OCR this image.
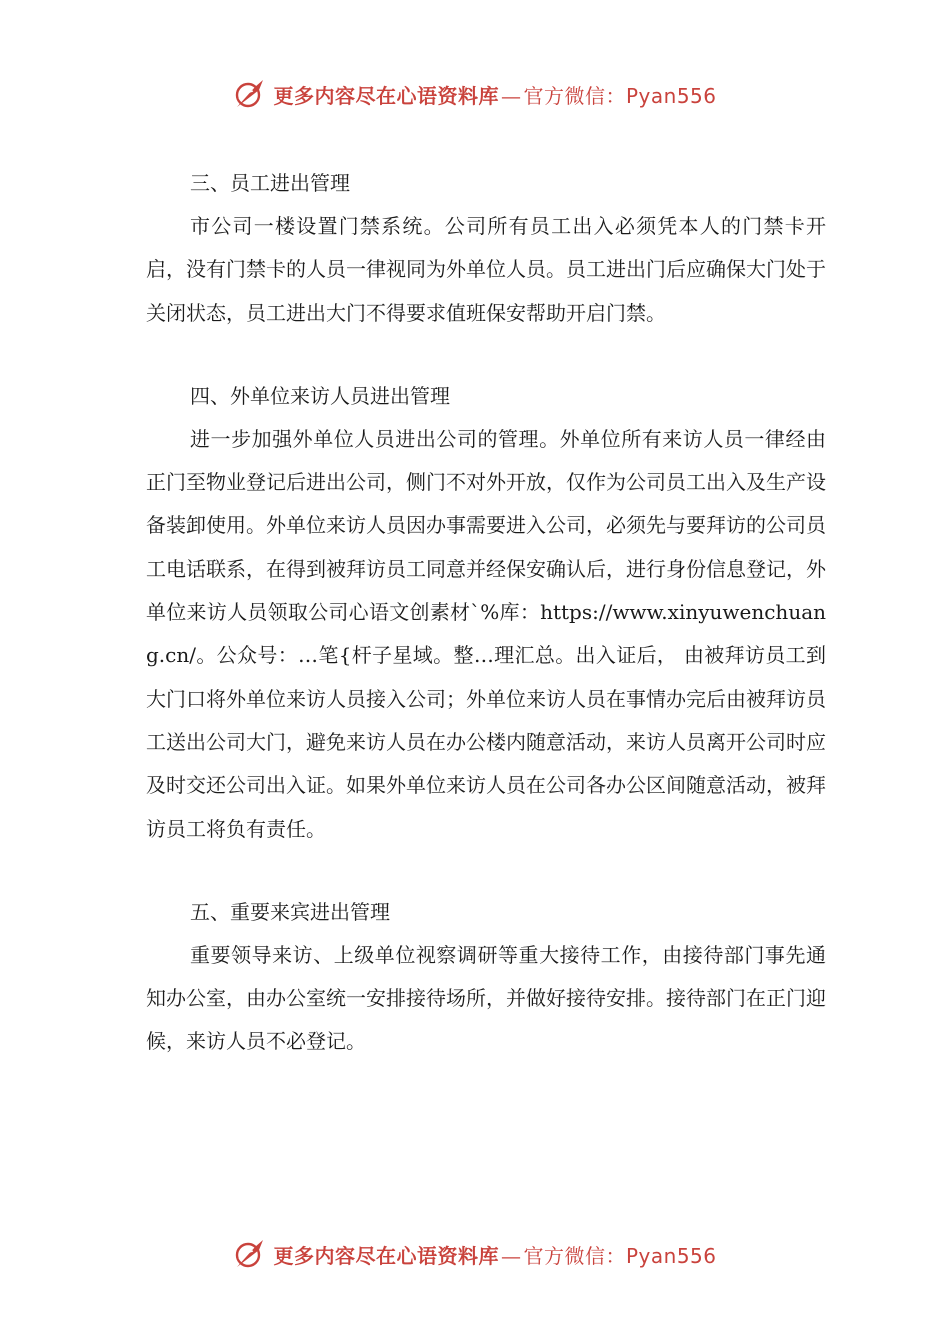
更多内容尽在心语资料库 — 官方微信：Pyan556

三、员工进出管理

市公司一楼设置门禁系统。公司所有员工出入必须凭本人的门禁卡开启，没有门禁卡的人员一律视同为外单位人员。员工进出门后应确保大门处于关闭状态，员工进出大门不得要求值班保安帮助开启门禁。

四、外单位来访人员进出管理

进一步加强外单位人员进出公司的管理。外单位所有来访人员一律经由正门至物业登记后进出公司，侧门不对外开放，仅作为公司员工出入及生产设备装卸使用。外单位来访人员因办事需要进入公司，必须先与要拜访的公司员工电话联系，在得到被拜访员工同意并经保安确认后，进行身份信息登记，外单位来访人员领取公司心语文创素材`%库：https://www.xinyuwenchuang.cn/。公众号：…笔{杆子星域。整…理汇总。出入证后， 由被拜访员工到大门口将外单位来访人员接入公司；外单位来访人员在事情办完后由被拜访员工送出公司大门，避免来访人员在办公楼内随意活动，来访人员离开公司时应及时交还公司出入证。如果外单位来访人员在公司各办公区间随意活动，被拜访员工将负有责任。

五、重要来宾进出管理

重要领导来访、上级单位视察调研等重大接待工作，由接待部门事先通知办公室，由办公室统一安排接待场所，并做好接待安排。接待部门在正门迎候，来访人员不必登记。

更多内容尽在心语资料库 — 官方微信：Pyan556
